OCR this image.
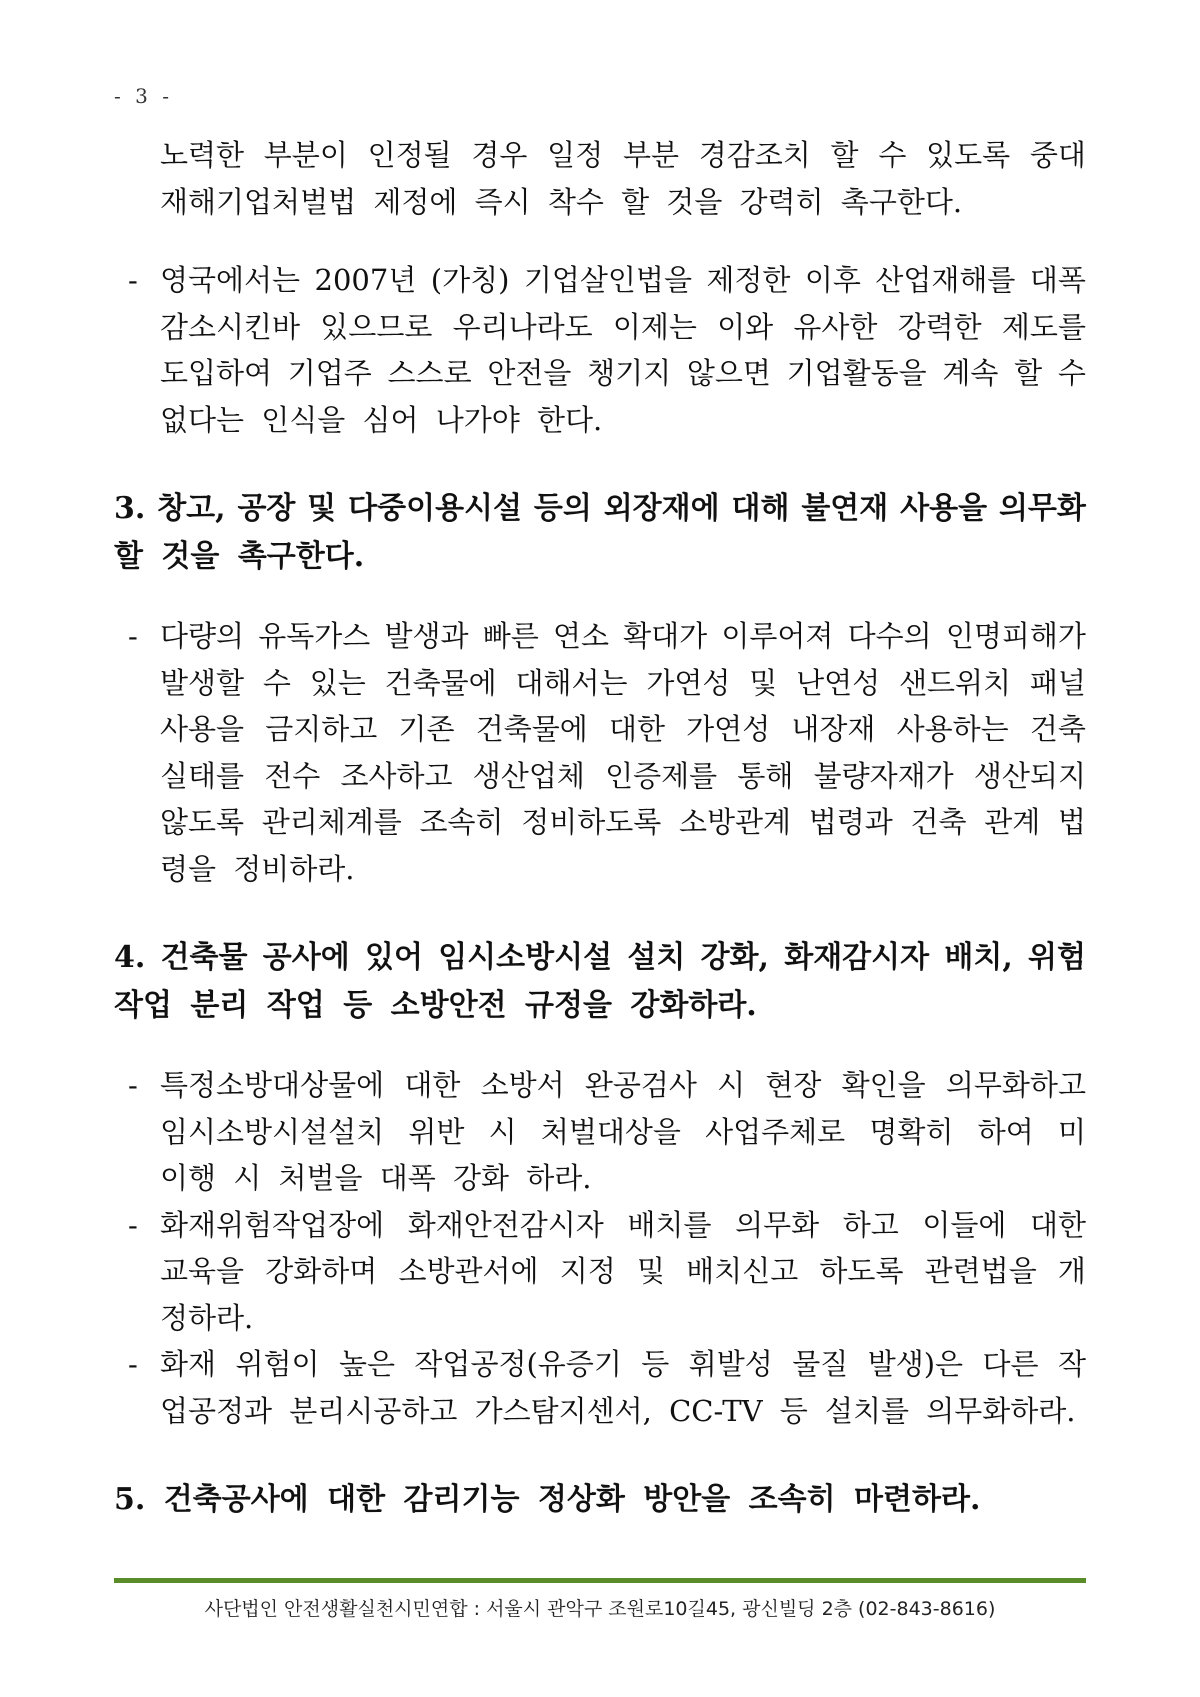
- 3 -
노력한 부분이 인정될 경우 일정 부분 경감조치 할 수 있도록 중대
재해기업처벌법 제정에 즉시 착수 할 것을 강력히 촉구한다.
- 영국에서는 2007년 (가칭) 기업살인법을 제정한 이후 산업재해를 대폭
감소시킨바 있으므로 우리나라도 이제는 이와 유사한 강력한 제도를
도입하여 기업주 스스로 안전을 챙기지 않으면 기업활동을 계속 할 수
없다는 인식을 심어 나가야 한다.
3. 창고, 공장 및 다중이용시설 등의 외장재에 대해 불연재 사용을 의무화
할 것을 촉구한다.
- 다량의 유독가스 발생과 빠른 연소 확대가 이루어져 다수의 인명피해가
발생할 수 있는 건축물에 대해서는 가연성 및 난연성 샌드위치 패널
사용을 금지하고 기존 건축물에 대한 가연성 내장재 사용하는 건축
실태를 전수 조사하고 생산업체 인증제를 통해 불량자재가 생산되지
않도록 관리체계를 조속히 정비하도록 소방관계 법령과 건축 관계 법
령을 정비하라.
4. 건축물 공사에 있어 임시소방시설 설치 강화, 화재감시자 배치, 위험
작업 분리 작업 등 소방안전 규정을 강화하라.
- 특정소방대상물에 대한 소방서 완공검사 시 현장 확인을 의무화하고
임시소방시설설치 위반 시 처벌대상을 사업주체로 명확히 하여 미
이행 시 처벌을 대폭 강화 하라.
- 화재위험작업장에 화재안전감시자 배치를 의무화 하고 이들에 대한
교육을 강화하며 소방관서에 지정 및 배치신고 하도록 관련법을 개
정하라.
- 화재 위험이 높은 작업공정(유증기 등 휘발성 물질 발생)은 다른 작
업공정과 분리시공하고 가스탐지센서, CC-TV 등 설치를 의무화하라.
5. 건축공사에 대한 감리기능 정상화 방안을 조속히 마련하라.
사단법인 안전생활실천시민연합 : 서울시 관악구 조원로10길45, 광신빌딩 2층 (02-843-8616)
